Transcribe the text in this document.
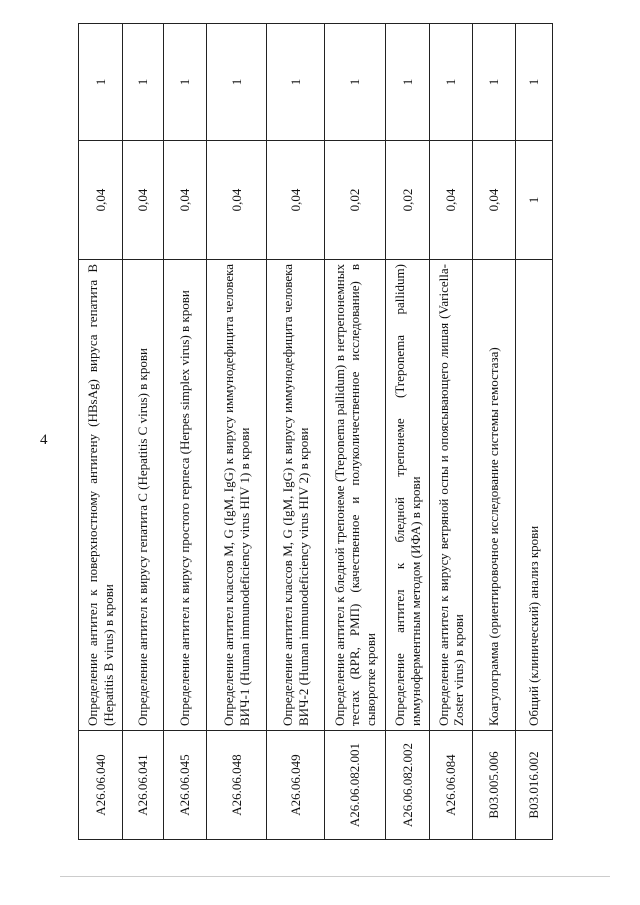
4
A26.06.040	Определение антител к поверхностному антигену (HBsAg) вируса гепатита B (Hepatitis B virus) в крови	0,04	1
A26.06.041	Определение антител к вирусу гепатита C (Hepatitis C virus) в крови	0,04	1
A26.06.045	Определение антител к вирусу простого герпеса (Herpes simplex virus) в крови	0,04	1
A26.06.048	Определение антител классов M, G (IgM, IgG) к вирусу иммунодефицита человека ВИЧ-1 (Human immunodeficiency virus HIV 1) в крови	0,04	1
A26.06.049	Определение антител классов M, G (IgM, IgG) к вирусу иммунодефицита человека ВИЧ-2 (Human immunodeficiency virus HIV 2) в крови	0,04	1
A26.06.082.001	Определение антител к бледной трепонеме (Treponema pallidum) в нетрепонемных тестах (RPR, РМП) (качественное и полуколичественное исследование) в сыворотке крови	0,02	1
A26.06.082.002	Определение антител к бледной трепонеме (Treponema pallidum) иммуноферментным методом (ИФА) в крови	0,02	1
A26.06.084	Определение антител к вирусу ветряной оспы и опоясывающего лишая (Varicella-Zoster virus) в крови	0,04	1
B03.005.006	Коагулограмма (ориентировочное исследование системы гемостаза)	0,04	1
B03.016.002	Общий (клинический) анализ крови	1	1
